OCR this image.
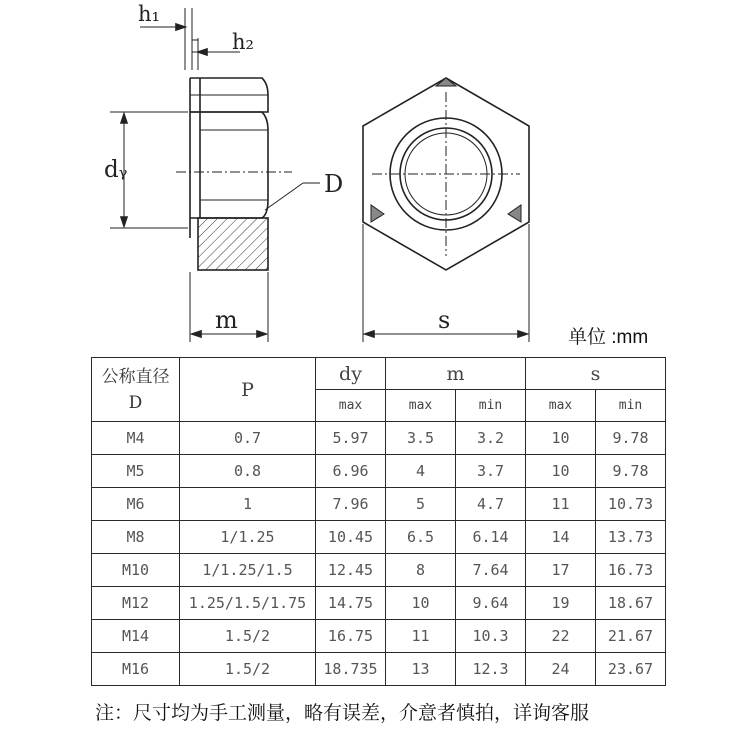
h₁
h₂
dᵧ	D
m	s
单位 :mm
公称直径
D	P	dy	m		s	
		max	max	min	max	min
M4	0.7	5.97	3.5	3.2	10	9.78
M5	0.8	6.96	4	3.7	10	9.78
M6	1	7.96	5	4.7	11	10.73
M8	1/1.25	10.45	6.5	6.14	14	13.73
M10	1/1.25/1.5	12.45	8	7.64	17	16.73
M12	1.25/1.5/1.75	14.75	10	9.64	19	18.67
M14	1.5/2	16.75	11	10.3	22	21.67
M16	1.5/2	18.735	13	12.3	24	23.67
注：尺寸均为手工测量，略有误差，介意者慎拍，详询客服
